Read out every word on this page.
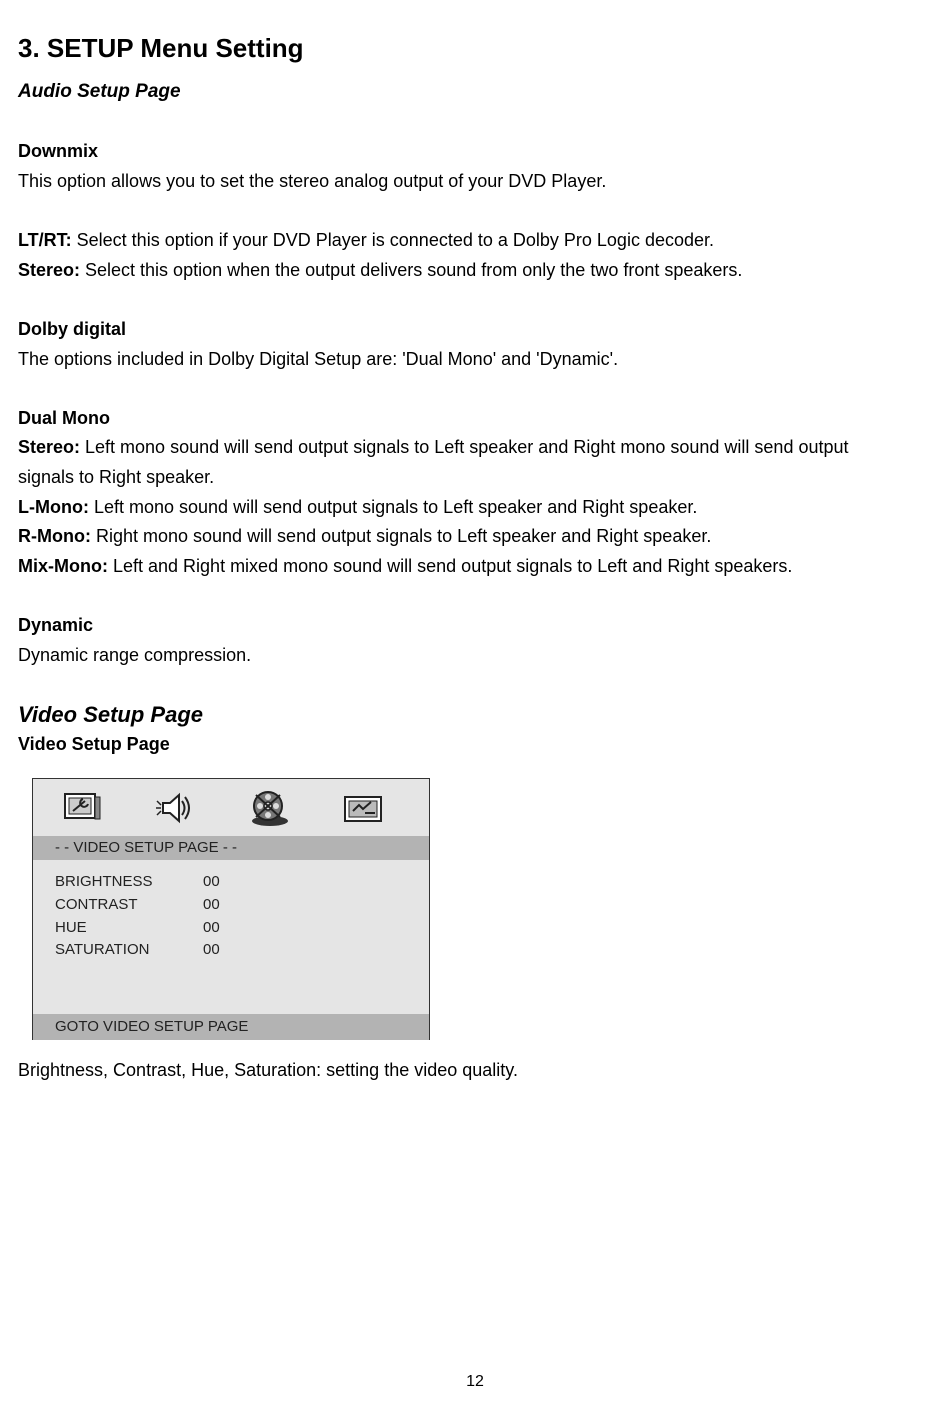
3. SETUP Menu Setting
Audio Setup Page
Downmix
This option allows you to set the stereo analog output of your DVD Player.
LT/RT: Select this option if your DVD Player is connected to a Dolby Pro Logic decoder.
Stereo: Select this option when the output delivers sound from only the two front speakers.
Dolby digital
The options included in Dolby Digital Setup are: 'Dual Mono' and 'Dynamic'.
Dual Mono
Stereo: Left mono sound will send output signals to Left speaker and Right mono sound will send output
signals to Right speaker.
L-Mono: Left mono sound will send output signals to Left speaker and Right speaker.
R-Mono: Right mono sound will send output signals to Left speaker and Right speaker.
Mix-Mono: Left and Right mixed mono sound will send output signals to Left and Right speakers.
Dynamic
Dynamic range compression.
Video Setup Page
Video Setup Page
- - VIDEO SETUP PAGE - -
BRIGHTNESS	00
CONTRAST	00
HUE	00
SATURATION	00
GOTO VIDEO SETUP PAGE
Brightness, Contrast, Hue, Saturation: setting the video quality.
12
